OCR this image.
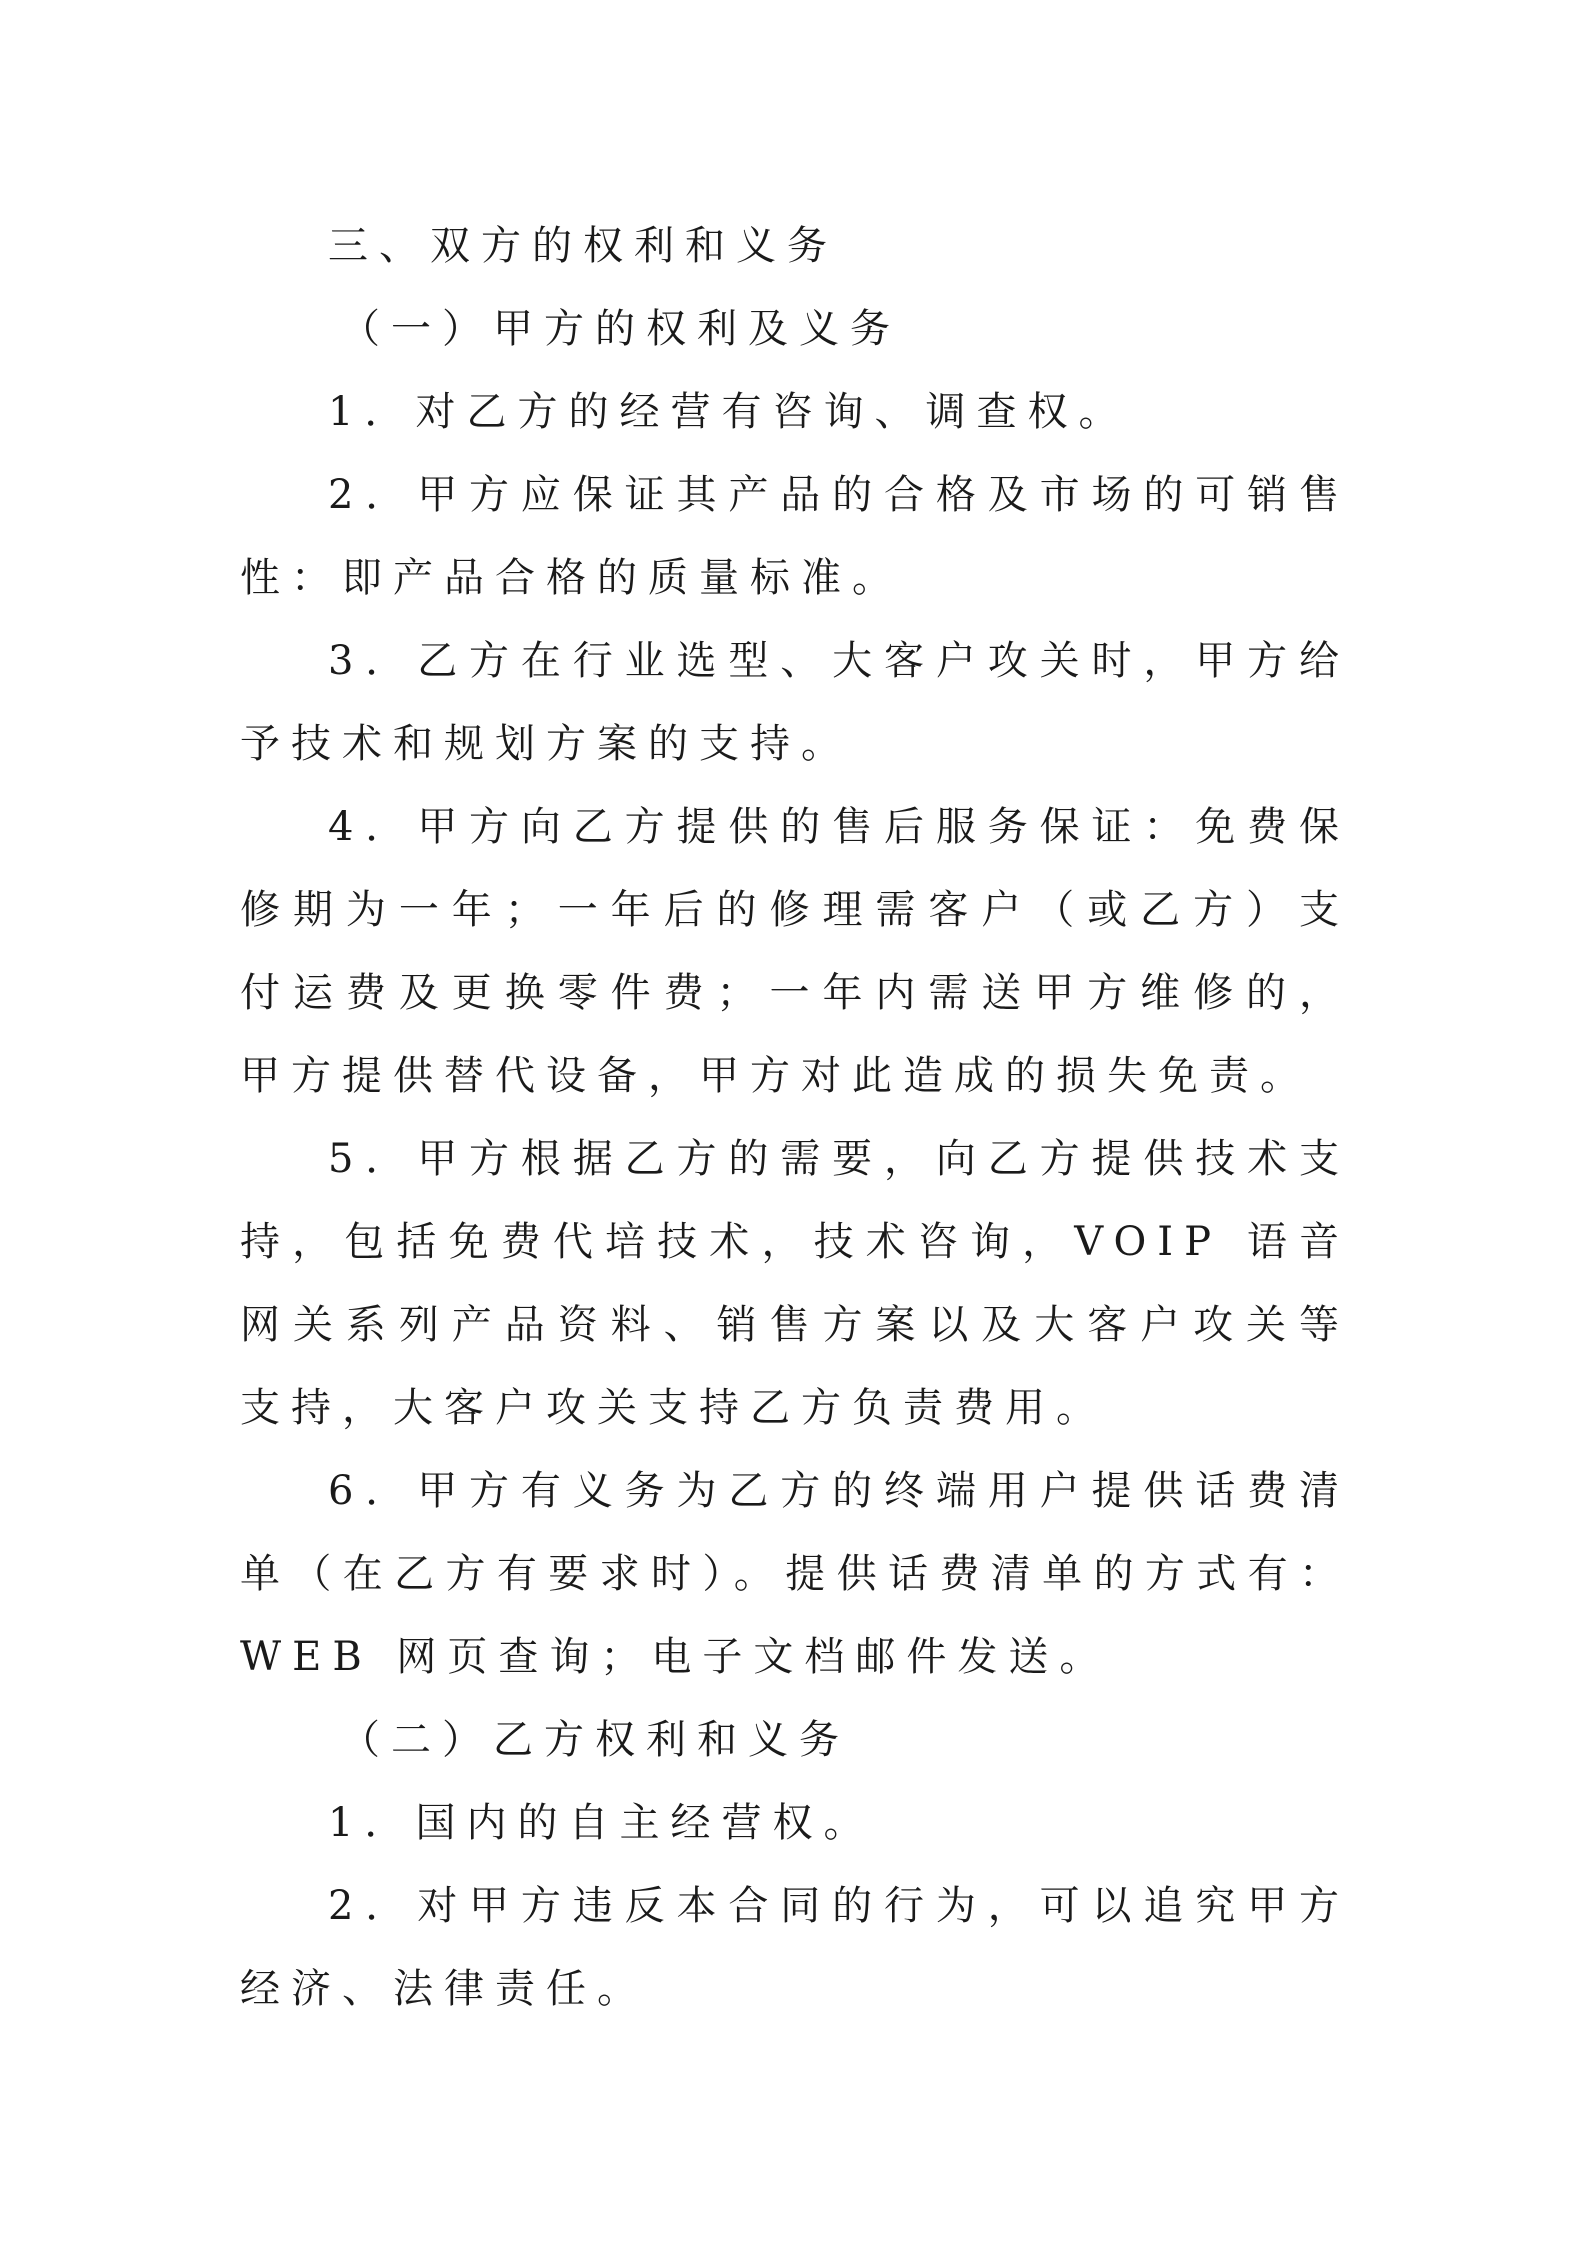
三、双方的权利和义务

（一）甲方的权利及义务

1．对乙方的经营有咨询、调查权。

2．甲方应保证其产品的合格及市场的可销售性：即产品合格的质量标准。

3．乙方在行业选型、大客户攻关时，甲方给予技术和规划方案的支持。

4．甲方向乙方提供的售后服务保证：免费保修期为一年；一年后的修理需客户（或乙方）支付运费及更换零件费；一年内需送甲方维修的，甲方提供替代设备，甲方对此造成的损失免责。

5．甲方根据乙方的需要，向乙方提供技术支持，包括免费代培技术，技术咨询，VOIP 语音网关系列产品资料、销售方案以及大客户攻关等支持，大客户攻关支持乙方负责费用。

6．甲方有义务为乙方的终端用户提供话费清单（在乙方有要求时）。提供话费清单的方式有：WEB 网页查询；电子文档邮件发送。

（二）乙方权利和义务

1．国内的自主经营权。

2．对甲方违反本合同的行为，可以追究甲方经济、法律责任。
